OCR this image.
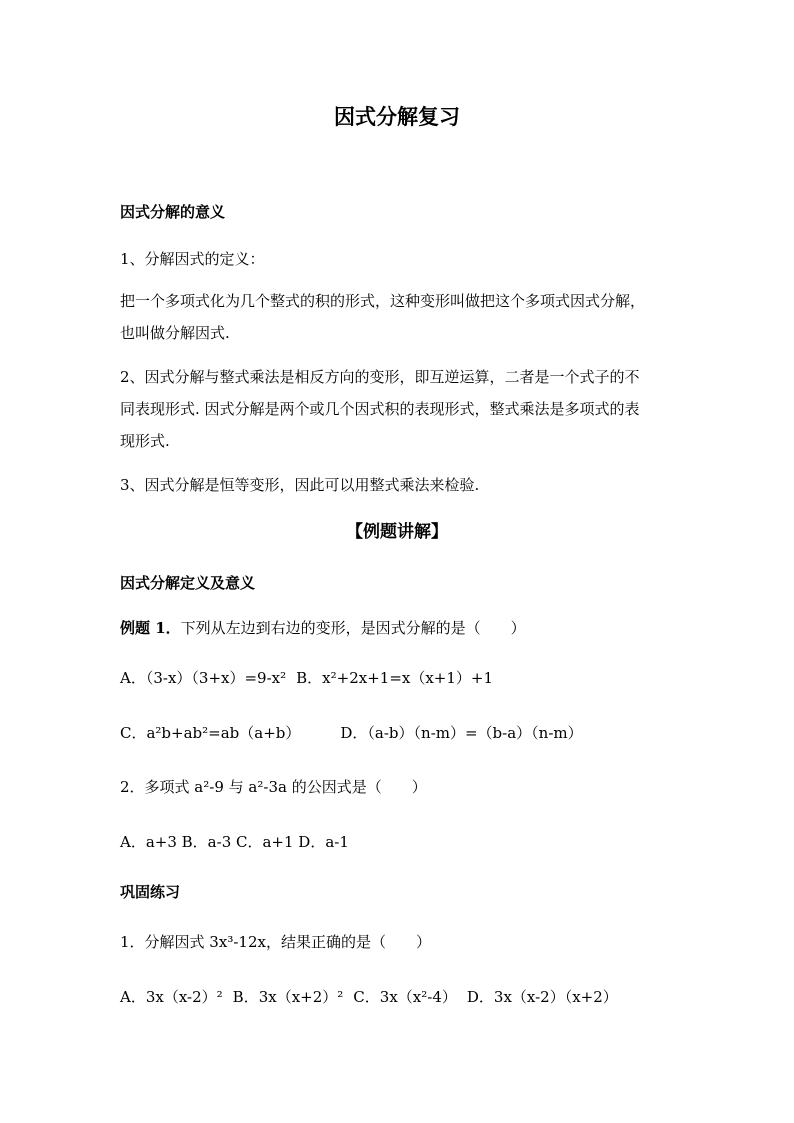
因式分解复习
因式分解的意义
1、分解因式的定义：
把一个多项式化为几个整式的积的形式，这种变形叫做把这个多项式因式分解，
也叫做分解因式.
2、因式分解与整式乘法是相反方向的变形，即互逆运算，二者是一个式子的不
同表现形式. 因式分解是两个或几个因式积的表现形式，整式乘法是多项式的表
现形式.
3、因式分解是恒等变形，因此可以用整式乘法来检验.
【例题讲解】
因式分解定义及意义
例题 1．下列从左边到右边的变形，是因式分解的是（　　）
A．（3-x）（3+x）=9-x² B．x²+2x+1=x（x+1）+1
C．a²b+ab²=ab（a+b）	D．（a-b）（n-m）=（b-a）（n-m）
2．多项式 a²-9 与 a²-3a 的公因式是（　　）
A．a+3 B．a-3 C．a+1 D．a-1
巩固练习
1．分解因式 3x³-12x，结果正确的是（　　）
A．3x（x-2）² B．3x（x+2）² C．3x（x²-4） D．3x（x-2）（x+2）
